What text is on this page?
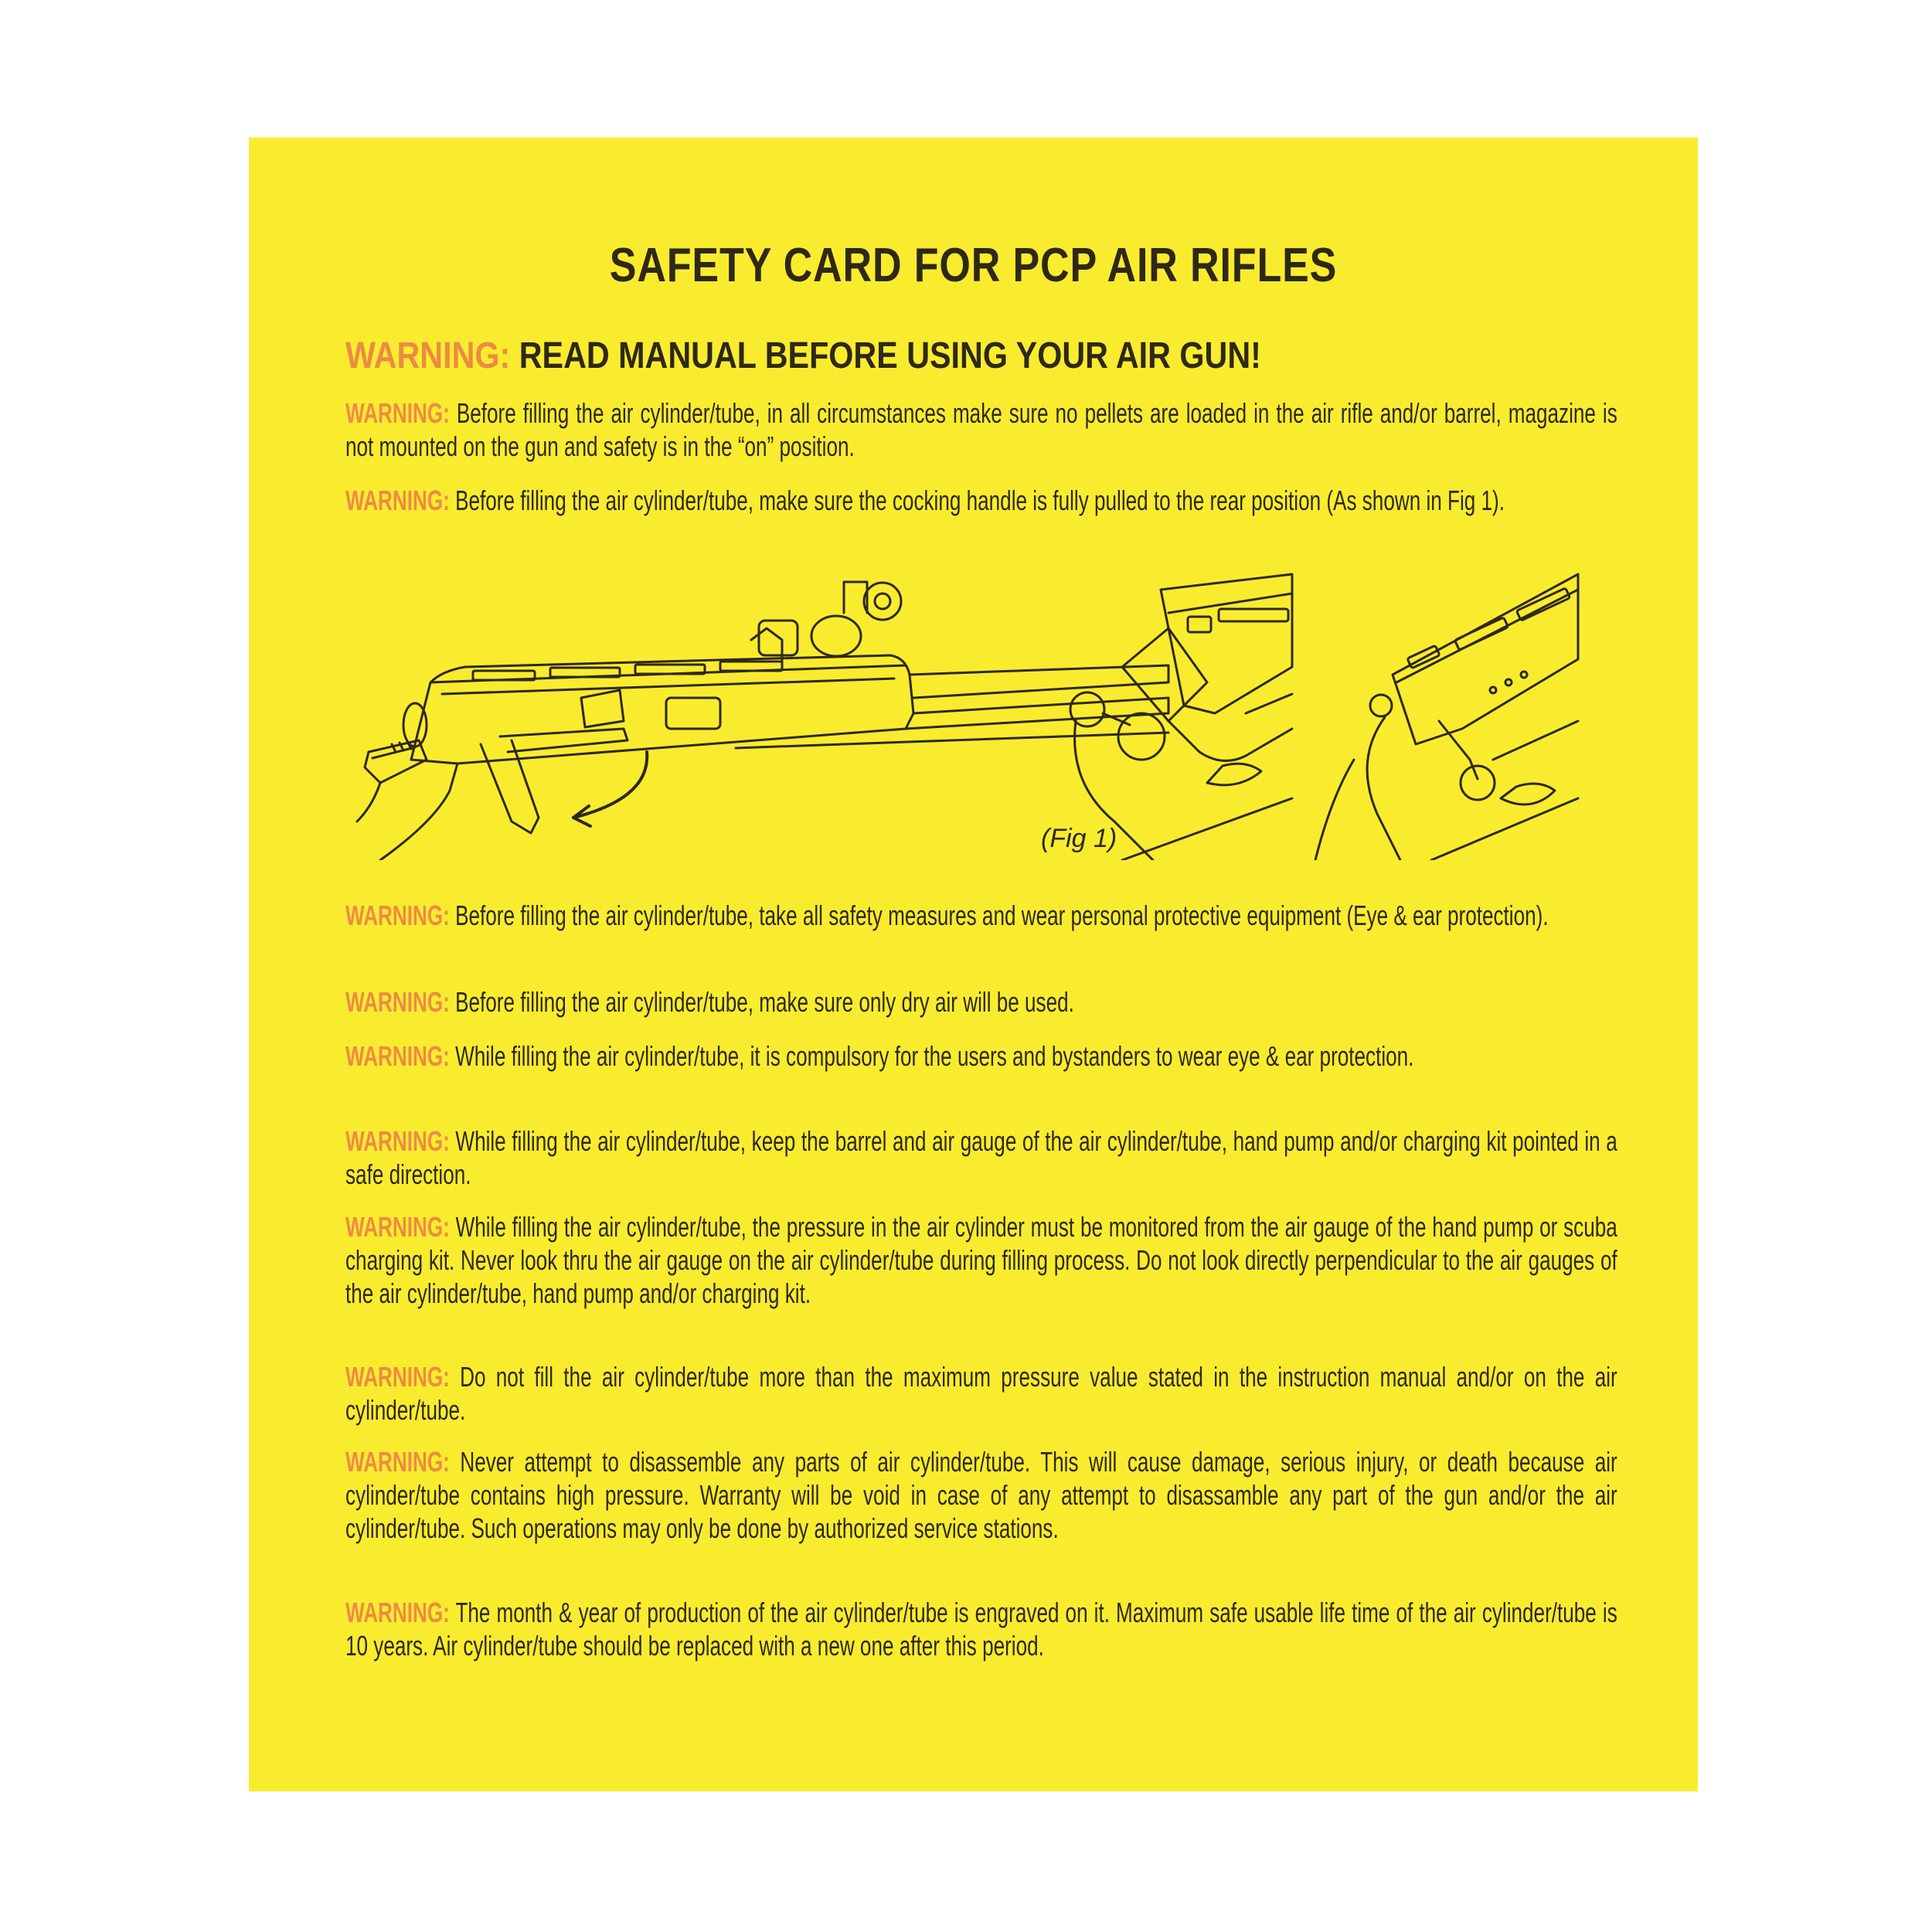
SAFETY CARD FOR PCP AIR RIFLES
WARNING: READ MANUAL BEFORE USING YOUR AIR GUN!
WARNING: Before filling the air cylinder/tube, in all circumstances make sure no pellets are loaded in the air rifle and/or barrel, magazine is not mounted on the gun and safety is in the “on” position.
WARNING: Before filling the air cylinder/tube, make sure the cocking handle is fully pulled to the rear position (As shown in Fig 1).
(Fig 1)
WARNING: Before filling the air cylinder/tube, take all safety measures and wear personal protective equipment (Eye & ear protection).
WARNING: Before filling the air cylinder/tube, make sure only dry air will be used.
WARNING: While filling the air cylinder/tube, it is compulsory for the users and bystanders to wear eye & ear protection.
WARNING: While filling the air cylinder/tube, keep the barrel and air gauge of the air cylinder/tube, hand pump and/or charging kit pointed in a safe direction.
WARNING: While filling the air cylinder/tube, the pressure in the air cylinder must be monitored from the air gauge of the hand pump or scuba charging kit. Never look thru the air gauge on the air cylinder/tube during filling process. Do not look directly perpendicular to the air gauges of the air cylinder/tube, hand pump and/or charging kit.
WARNING: Do not fill the air cylinder/tube more than the maximum pressure value stated in the instruction manual and/or on the air cylinder/tube.
WARNING: Never attempt to disassemble any parts of air cylinder/tube. This will cause damage, serious injury, or death because air cylinder/tube contains high pressure. Warranty will be void in case of any attempt to disassamble any part of the gun and/or the air cylinder/tube. Such operations may only be done by authorized service stations.
WARNING: The month & year of production of the air cylinder/tube is engraved on it. Maximum safe usable life time of the air cylinder/tube is 10 years. Air cylinder/tube should be replaced with a new one after this period.
